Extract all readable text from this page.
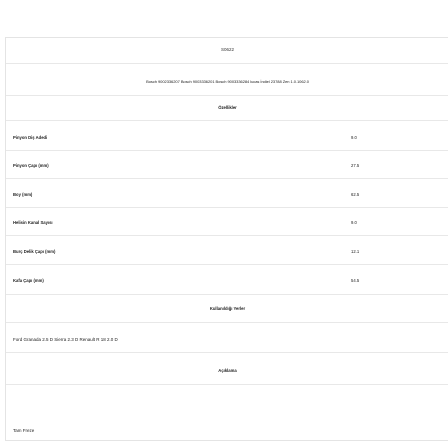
S0622
Bosch 9002336207 Bosch 9003336201 Bosch 9003336284 lucas İndiel 23788 Zen 1.0.1062.0
Özellikler
Pinyon Diş Adedi	9.0
Pinyon Çapı (mm)	27.5
Boy (mm)	62.5
Helisin Kanal Sayısı	9.0
Burç Delik Çapı (mm)	12.1
Kafa Çapı (mm)	54.5
Kullanıldığı Yerler
Ford Granada 2.5 D Sierra 2.3 D Renault R 18 2.0 D
Açıklama
Tam Freze
